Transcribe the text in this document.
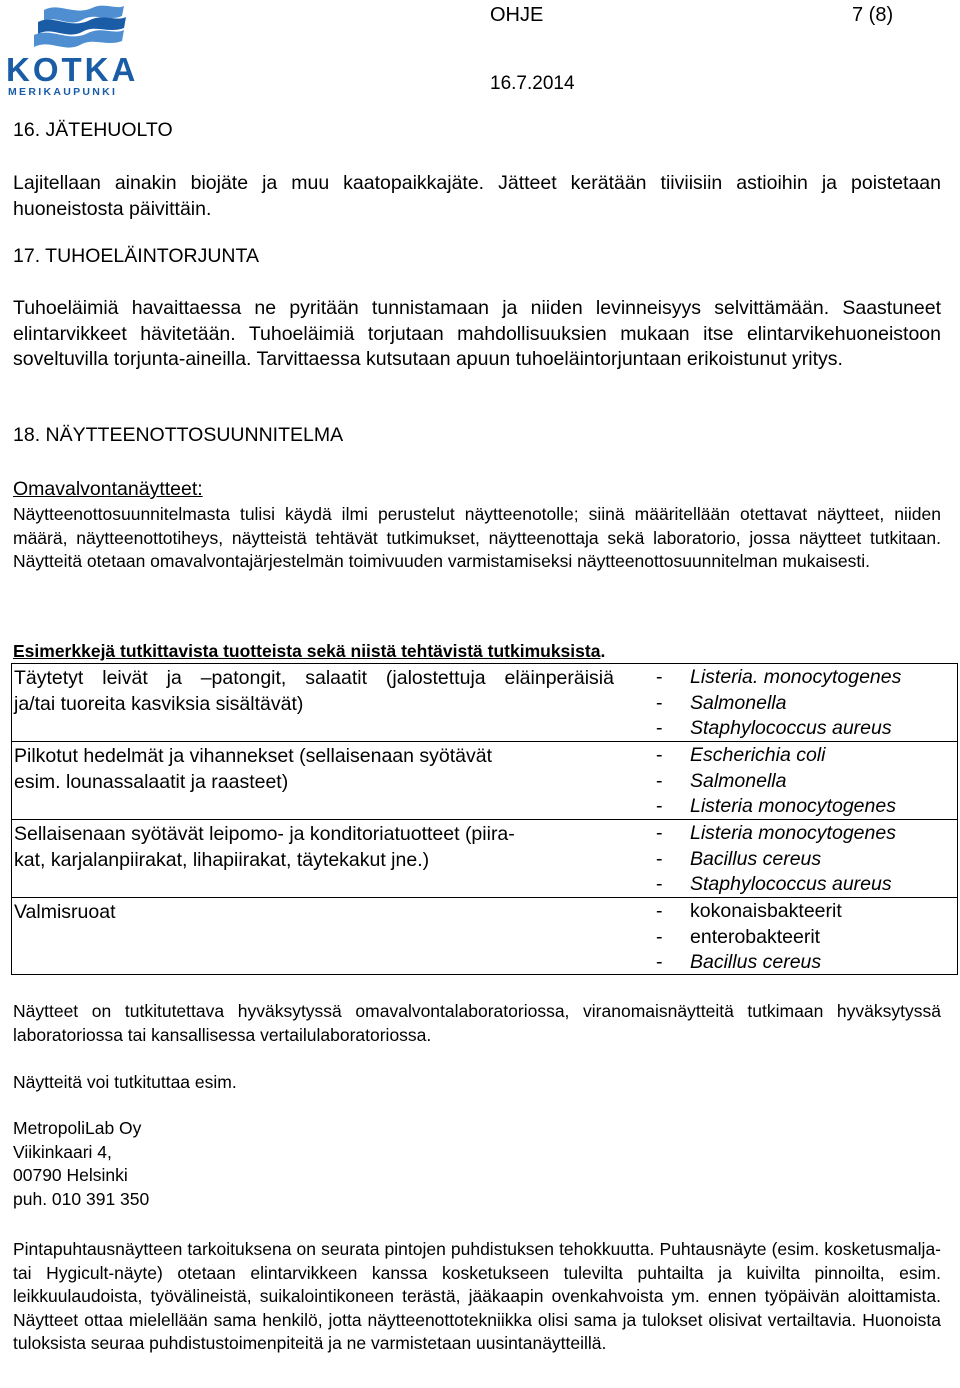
KOTKA
MERIKAUPUNKI
OHJE	7 (8)
16.7.2014
16. JÄTEHUOLTO

Lajitellaan ainakin biojäte ja muu kaatopaikkajäte. Jätteet kerätään tiiviisiin astioihin ja poistetaan huoneistosta päivittäin.

17. TUHOELÄINTORJUNTA

Tuhoeläimiä havaittaessa ne pyritään tunnistamaan ja niiden levinneisyys selvittämään. Saastuneet elintarvikkeet hävitetään. Tuhoeläimiä torjutaan mahdollisuuksien mukaan itse elintarvikehuoneistoon soveltuvilla torjunta-aineilla. Tarvittaessa kutsutaan apuun tuhoeläintorjuntaan erikoistunut yritys.

18. NÄYTTEENOTTOSUUNNITELMA
Omavalvontanäytteet:

Näytteenottosuunnitelmasta tulisi käydä ilmi perustelut näytteenotolle; siinä määritellään otettavat näytteet, niiden määrä, näytteenottotiheys, näytteistä tehtävät tutkimukset, näytteenottaja sekä laboratorio, jossa näytteet tutkitaan. Näytteitä otetaan omavalvontajärjestelmän toimivuuden varmistamiseksi näytteenottosuunnitelman mukaisesti.

Esimerkkejä tutkittavista tuotteista sekä niistä tehtävistä tutkimuksista.
Täytetyt leivät ja –patongit, salaatit (jalostettuja eläinperäisiä
ja/tai tuoreita kasviksia sisältävät)
- Listeria. monocytogenes
- Salmonella
- Staphylococcus aureus
Pilkotut hedelmät ja vihannekset (sellaisenaan syötävät
esim. lounassalaatit ja raasteet)
- Escherichia coli
- Salmonella
- Listeria monocytogenes
Sellaisenaan syötävät leipomo- ja konditoriatuotteet (piira-
kat, karjalanpiirakat, lihapiirakat, täytekakut jne.)
- Listeria monocytogenes
- Bacillus cereus
- Staphylococcus aureus
Valmisruoat	- kokonaisbakteerit
- enterobakteerit
- Bacillus cereus

Näytteet on tutkitutettava hyväksytyssä omavalvontalaboratoriossa, viranomaisnäytteitä tutkimaan hyväksytyssä laboratoriossa tai kansallisessa vertailulaboratoriossa.

Näytteitä voi tutkituttaa esim.

MetropoliLab Oy
Viikinkaari 4,
00790 Helsinki
puh. 010 391 350

Pintapuhtausnäytteen tarkoituksena on seurata pintojen puhdistuksen tehokkuutta. Puhtausnäyte (esim. kosketusmalja- tai Hygicult-näyte) otetaan elintarvikkeen kanssa kosketukseen tulevilta puhtailta ja kuivilta pinnoilta, esim. leikkuulaudoista, työvälineistä, suikalointikoneen terästä, jääkaapin ovenkahvoista ym. ennen työpäivän aloittamista. Näytteet ottaa mielellään sama henkilö, jotta näytteenottotekniikka olisi sama ja tulokset olisivat vertailtavia. Huonoista tuloksista seuraa puhdistustoimenpiteitä ja ne varmistetaan uusintanäytteillä.
